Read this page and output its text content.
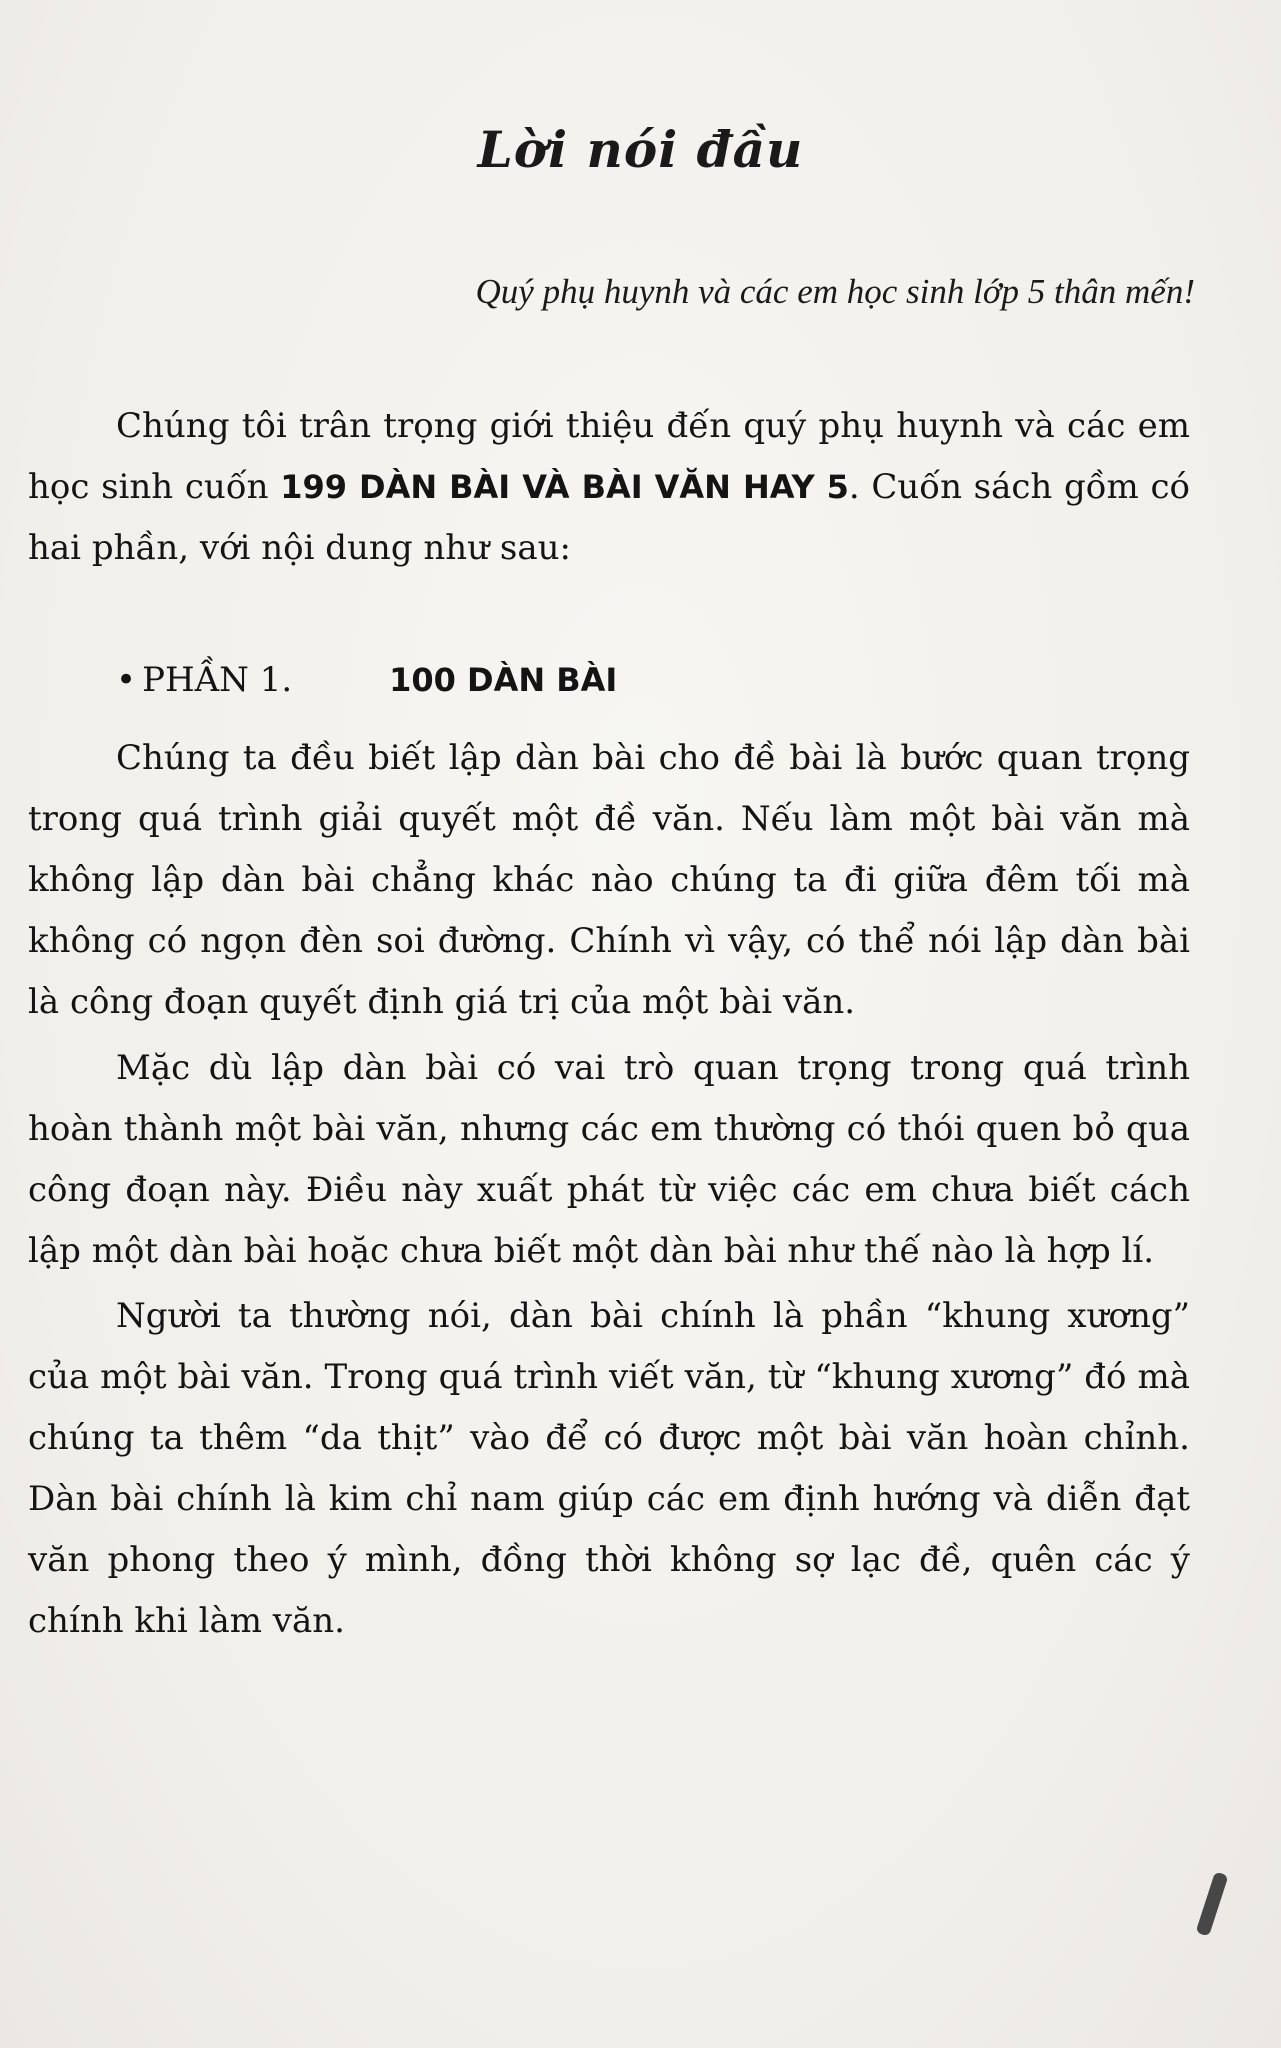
Lời nói đầu
Quý phụ huynh và các em học sinh lớp 5 thân mến!

Chúng tôi trân trọng giới thiệu đến quý phụ huynh và các em học sinh cuốn 199 DÀN BÀI VÀ BÀI VĂN HAY 5. Cuốn sách gồm có hai phần, với nội dung như sau:

• PHẦN 1.	100 DÀN BÀI

Chúng ta đều biết lập dàn bài cho đề bài là bước quan trọng trong quá trình giải quyết một đề văn. Nếu làm một bài văn mà không lập dàn bài chẳng khác nào chúng ta đi giữa đêm tối mà không có ngọn đèn soi đường. Chính vì vậy, có thể nói lập dàn bài là công đoạn quyết định giá trị của một bài văn.

Mặc dù lập dàn bài có vai trò quan trọng trong quá trình hoàn thành một bài văn, nhưng các em thường có thói quen bỏ qua công đoạn này. Điều này xuất phát từ việc các em chưa biết cách lập một dàn bài hoặc chưa biết một dàn bài như thế nào là hợp lí.

Người ta thường nói, dàn bài chính là phần “khung xương” của một bài văn. Trong quá trình viết văn, từ “khung xương” đó mà chúng ta thêm “da thịt” vào để có được một bài văn hoàn chỉnh. Dàn bài chính là kim chỉ nam giúp các em định hướng và diễn đạt văn phong theo ý mình, đồng thời không sợ lạc đề, quên các ý chính khi làm văn.
